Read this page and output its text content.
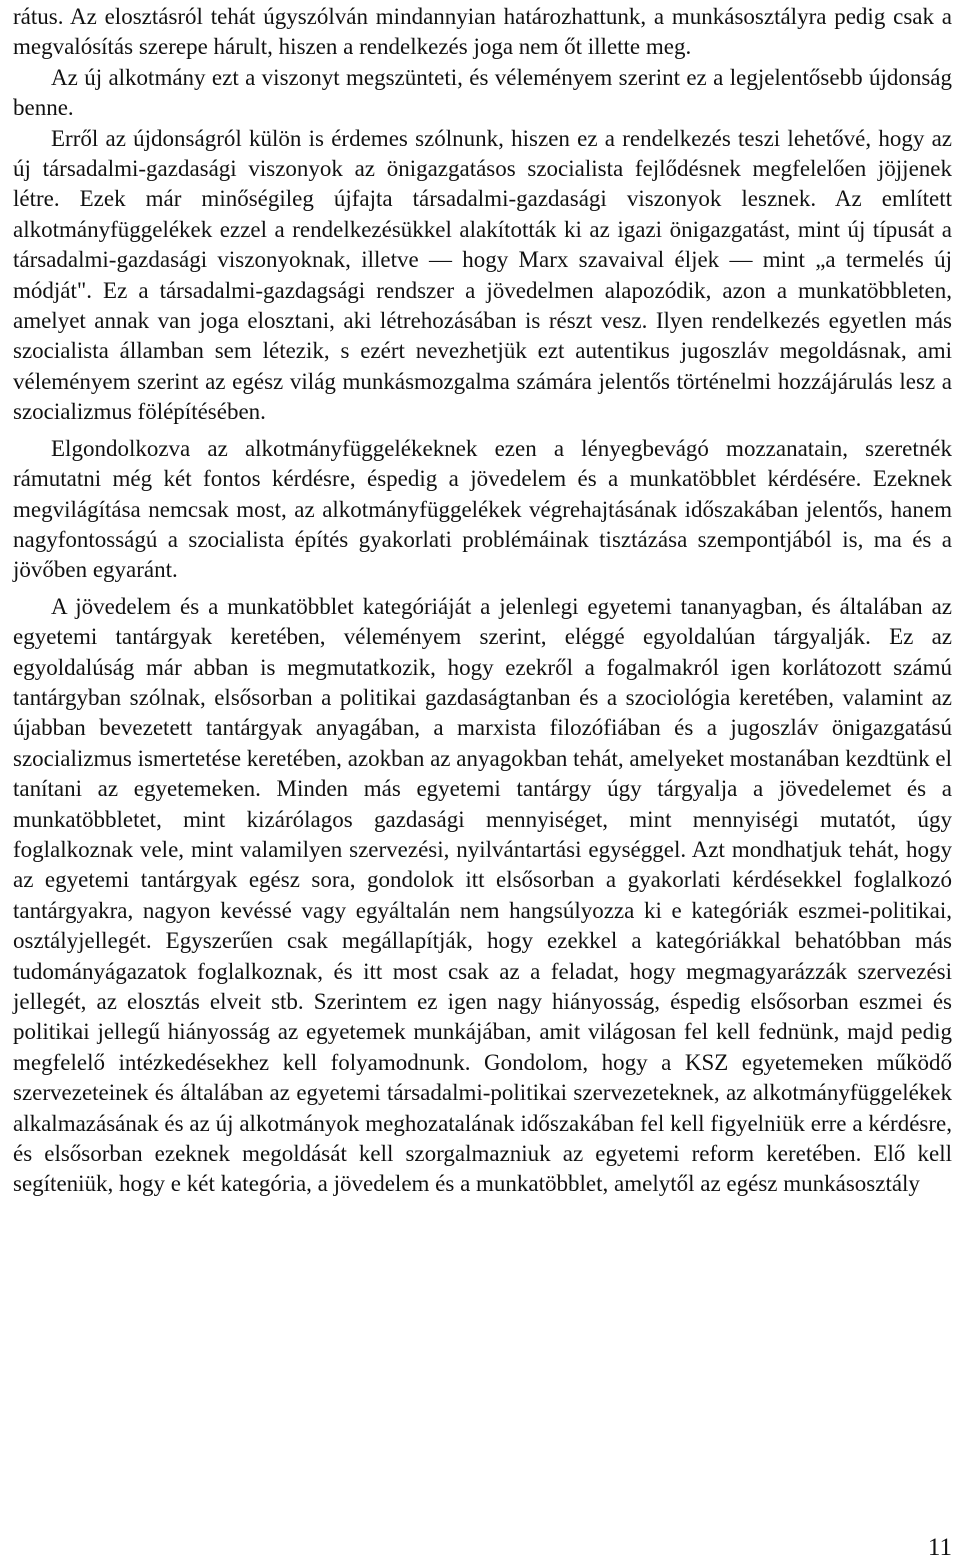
rátus. Az elosztásról tehát úgyszólván mindannyian határozhattunk, a munkásosztályra pedig csak a megvalósítás szerepe hárult, hiszen a rendelkezés joga nem őt illette meg.

Az új alkotmány ezt a viszonyt megszünteti, és véleményem szerint ez a legjelentősebb újdonság benne.

Erről az újdonságról külön is érdemes szólnunk, hiszen ez a rendelkezés teszi lehetővé, hogy az új társadalmi-gazdasági viszonyok az önigazgatásos szocialista fejlődésnek megfelelően jöjjenek létre. Ezek már minőségileg újfajta társadalmi-gazdasági viszonyok lesznek. Az említett alkotmányfüggelékek ezzel a rendelkezésükkel alakították ki az igazi önigazgatást, mint új típusát a társadalmi-gazdasági viszonyoknak, illetve — hogy Marx szavaival éljek — mint „a termelés új módját". Ez a társadalmi-gazdagsági rendszer a jövedelmen alapozódik, azon a munkatöbbleten, amelyet annak van joga elosztani, aki létrehozásában is részt vesz. Ilyen rendelkezés egyetlen más szocialista államban sem létezik, s ezért nevezhetjük ezt autentikus jugoszláv megoldásnak, ami véleményem szerint az egész világ munkásmozgalma számára jelentős történelmi hozzájárulás lesz a szocializmus fölépítésében.

Elgondolkozva az alkotmányfüggelékeknek ezen a lényegbevágó mozzanatain, szeretnék rámutatni még két fontos kérdésre, éspedig a jövedelem és a munkatöbblet kérdésére. Ezeknek megvilágítása nemcsak most, az alkotmányfüggelékek végrehajtásának időszakában jelentős, hanem nagyfontosságú a szocialista építés gyakorlati problémáinak tisztázása szempontjából is, ma és a jövőben egyaránt.

A jövedelem és a munkatöbblet kategóriáját a jelenlegi egyetemi tananyagban, és általában az egyetemi tantárgyak keretében, véleményem szerint, eléggé egyoldalúan tárgyalják. Ez az egyoldalúság már abban is megmutatkozik, hogy ezekről a fogalmakról igen korlátozott számú tantárgyban szólnak, elsősorban a politikai gazdaságtanban és a szociológia keretében, valamint az újabban bevezetett tantárgyak anyagában, a marxista filozófiában és a jugoszláv önigazgatású szocializmus ismertetése keretében, azokban az anyagokban tehát, amelyeket mostanában kezdtünk el tanítani az egyetemeken. Minden más egyetemi tantárgy úgy tárgyalja a jövedelemet és a munkatöbbletet, mint kizárólagos gazdasági mennyiséget, mint mennyiségi mutatót, úgy foglalkoznak vele, mint valamilyen szervezési, nyilvántartási egységgel. Azt mondhatjuk tehát, hogy az egyetemi tantárgyak egész sora, gondolok itt elsősorban a gyakorlati kérdésekkel foglalkozó tantárgyakra, nagyon kevéssé vagy egyáltalán nem hangsúlyozza ki e kategóriák eszmei-politikai, osztályjellegét. Egyszerűen csak megállapítják, hogy ezekkel a kategóriákkal behatóbban más tudományágazatok foglalkoznak, és itt most csak az a feladat, hogy megmagyarázzák szervezési jellegét, az elosztás elveit stb. Szerintem ez igen nagy hiányosság, éspedig elsősorban eszmei és politikai jellegű hiányosság az egyetemek munkájában, amit világosan fel kell fednünk, majd pedig megfelelő intézkedésekhez kell folyamodnunk. Gondolom, hogy a KSZ egyetemeken működő szervezeteinek és általában az egyetemi társadalmi-politikai szervezeteknek, az alkotmányfüggelékek alkalmazásának és az új alkotmányok meghozatalának időszakában fel kell figyelniük erre a kérdésre, és elsősorban ezeknek megoldását kell szorgalmazniuk az egyetemi reform keretében. Elő kell segíteniük, hogy e két kategória, a jövedelem és a munkatöbblet, amelytől az egész munkásosztály

11
